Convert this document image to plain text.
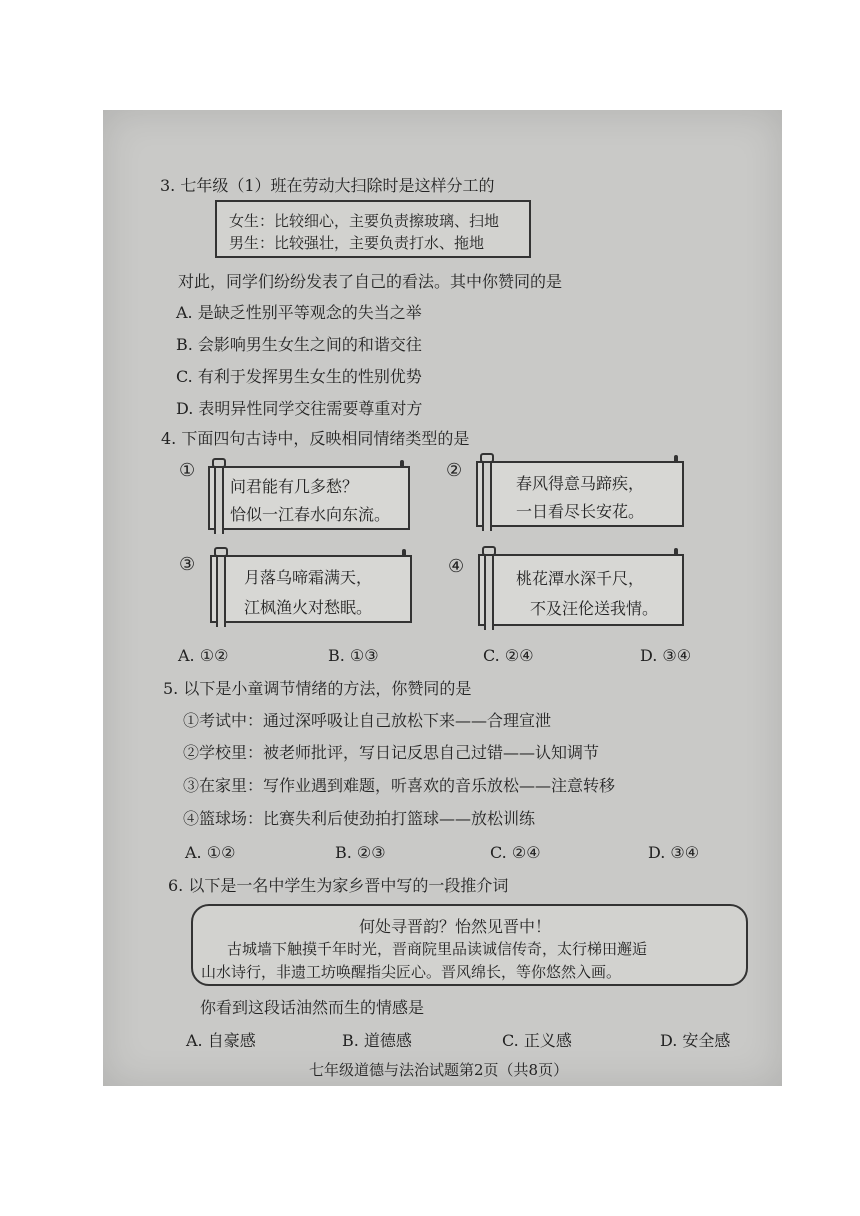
3. 七年级（1）班在劳动大扫除时是这样分工的
女生：比较细心，主要负责擦玻璃、扫地
男生：比较强壮，主要负责打水、拖地
对此，同学们纷纷发表了自己的看法。其中你赞同的是
A. 是缺乏性别平等观念的失当之举
B. 会影响男生女生之间的和谐交往
C. 有利于发挥男生女生的性别优势
D. 表明异性同学交往需要尊重对方
4. 下面四句古诗中，反映相同情绪类型的是
①
问君能有几多愁？
恰似一江春水向东流。
②
春风得意马蹄疾，
一日看尽长安花。
③
月落乌啼霜满天，
江枫渔火对愁眠。
④
桃花潭水深千尺，
不及汪伦送我情。
A. ①②	B. ①③	C. ②④	D. ③④
5. 以下是小童调节情绪的方法，你赞同的是
①考试中：通过深呼吸让自己放松下来——合理宣泄
②学校里：被老师批评，写日记反思自己过错——认知调节
③在家里：写作业遇到难题，听喜欢的音乐放松——注意转移
④篮球场：比赛失利后使劲拍打篮球——放松训练
A. ①②	B. ②③	C. ②④	D. ③④
6. 以下是一名中学生为家乡晋中写的一段推介词
何处寻晋韵？怡然见晋中！
古城墙下触摸千年时光，晋商院里品读诚信传奇，太行梯田邂逅
山水诗行，非遗工坊唤醒指尖匠心。晋风绵长，等你悠然入画。
你看到这段话油然而生的情感是
A. 自豪感	B. 道德感	C. 正义感	D. 安全感
七年级道德与法治试题第2页（共8页）
